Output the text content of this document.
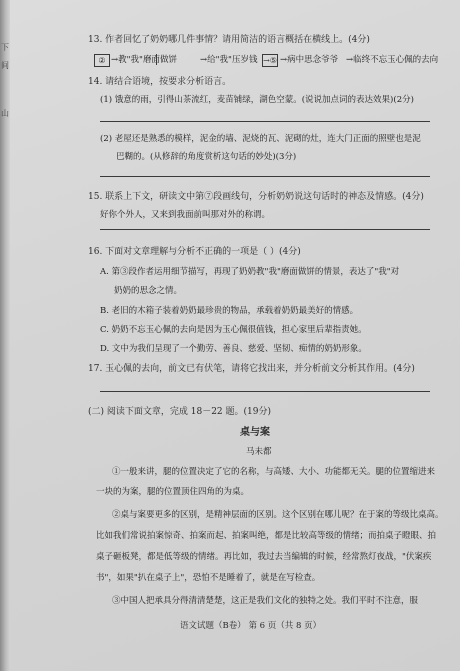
下
间
山
13. 作者回忆了奶奶哪几件事情？请用简洁的语言概括在横线上。(4分)
② →教"我"磨面做饼	→给"我"压岁钱 →⑤ →病中思念爷爷 →临终不忘玉心佩的去向
14. 请结合语境，按要求分析语言。
(1) 饿意的雨，引得山茶流红，麦苗铺绿，湖色空蒙。(说说加点词的表达效果)(2分)
(2) 老屋还是熟悉的模样，泥金的墙、泥烧的瓦、泥砌的灶，连大门正面的照壁也是泥
巴糊的。(从修辞的角度赏析这句话的妙处)(3分)
15. 联系上下文，研读文中第⑦段画线句，分析奶奶说这句话时的神态及情感。(4分)
好你个外人，又来到我面前叫那对外的称谓。
16. 下面对文章理解与分析不正确的一项是（ ）(4分)
A. 第③段作者运用细节描写，再现了奶奶教"我"磨面做饼的情景，表达了"我"对
奶奶的思念之情。
B. 老旧的木箱子装着奶奶最珍贵的物品，承载着奶奶最美好的情感。
C. 奶奶不忘玉心佩的去向是因为玉心佩很值钱，担心家里后辈指责她。
D. 文中为我们呈现了一个勤劳、善良、慈爱、坚韧、痴情的奶奶形象。
17. 玉心佩的去向，前文已有伏笔，请将它找出来，并分析前文分析其作用。(4分)
(二) 阅读下面文章，完成 18－22 题。(19分)
桌与案
马未都
①一般来讲，腿的位置决定了它的名称，与高矮、大小、功能都无关。腿的位置缩进来
一块的为案，腿的位置顶住四角的为桌。
②桌与案要更多的区别，是精神层面的区别。这个区别在哪儿呢？在于案的等级比桌高。
比如我们常说拍案惊奇、拍案而起、拍案叫绝，都是比较高等级的情绪；而拍桌子瞪眼、拍
桌子砸板凳，都是低等级的情绪。再比如，我过去当编辑的时候，经常熬灯夜战，"伏案疾
书"，如果"扒在桌子上"，恐怕不是睡着了，就是在写检查。
③中国人把承具分得清清楚楚，这正是我们文化的独特之处。我们平时不注意，服
语文试题（B卷） 第 6 页（共 8 页）
